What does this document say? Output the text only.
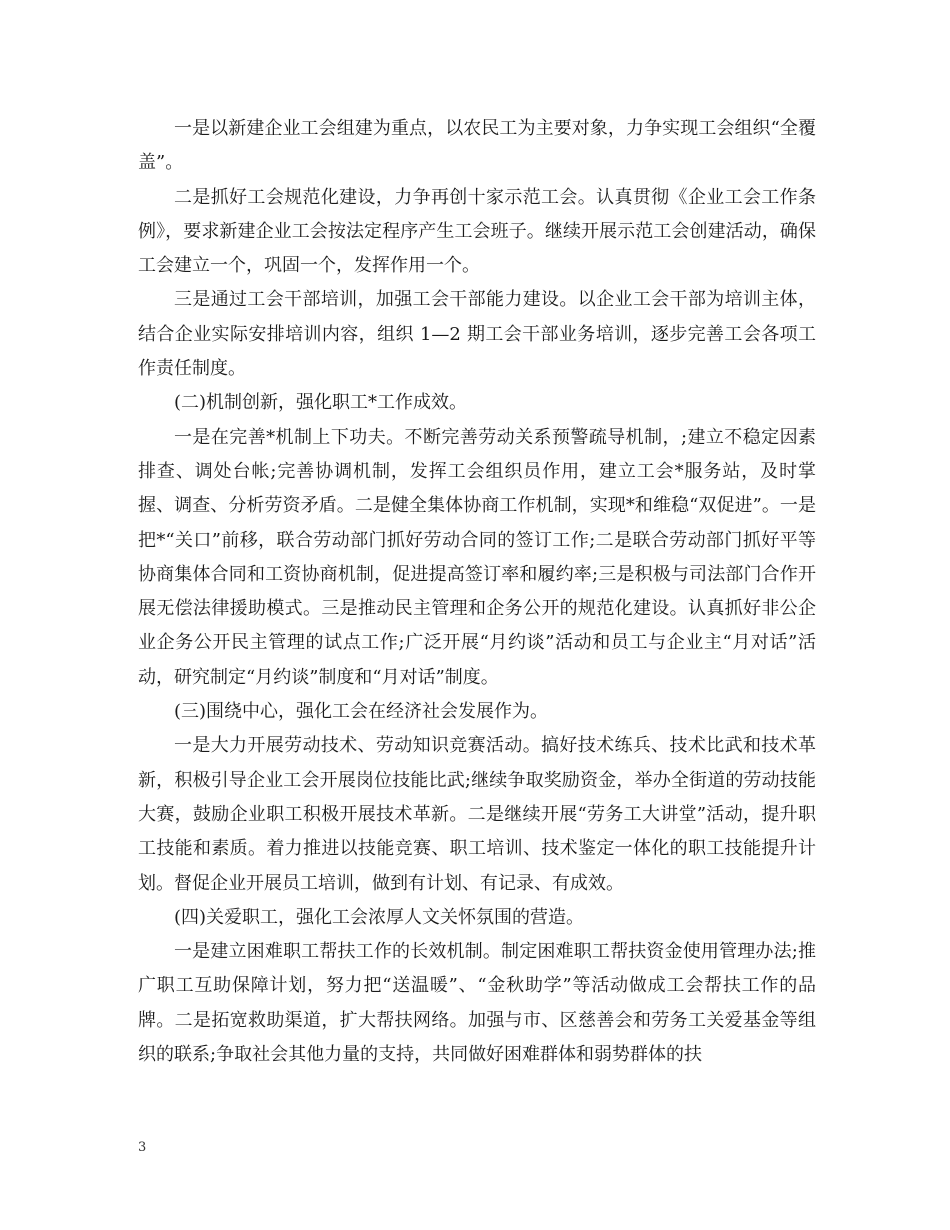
一是以新建企业工会组建为重点，以农民工为主要对象，力争实现工会组织“全覆盖”。

二是抓好工会规范化建设，力争再创十家示范工会。认真贯彻《企业工会工作条例》，要求新建企业工会按法定程序产生工会班子。继续开展示范工会创建活动，确保工会建立一个，巩固一个，发挥作用一个。

三是通过工会干部培训，加强工会干部能力建设。以企业工会干部为培训主体，结合企业实际安排培训内容，组织 1—2 期工会干部业务培训，逐步完善工会各项工作责任制度。

(二)机制创新，强化职工*工作成效。

一是在完善*机制上下功夫。不断完善劳动关系预警疏导机制，;建立不稳定因素排查、调处台帐;完善协调机制，发挥工会组织员作用，建立工会*服务站，及时掌握、调查、分析劳资矛盾。二是健全集体协商工作机制，实现*和维稳“双促进”。一是把*“关口”前移，联合劳动部门抓好劳动合同的签订工作;二是联合劳动部门抓好平等协商集体合同和工资协商机制，促进提高签订率和履约率;三是积极与司法部门合作开展无偿法律援助模式。三是推动民主管理和企务公开的规范化建设。认真抓好非公企业企务公开民主管理的试点工作;广泛开展“月约谈”活动和员工与企业主“月对话”活动，研究制定“月约谈”制度和“月对话”制度。

(三)围绕中心，强化工会在经济社会发展作为。

一是大力开展劳动技术、劳动知识竞赛活动。搞好技术练兵、技术比武和技术革新，积极引导企业工会开展岗位技能比武;继续争取奖励资金，举办全街道的劳动技能大赛，鼓励企业职工积极开展技术革新。二是继续开展“劳务工大讲堂”活动，提升职工技能和素质。着力推进以技能竞赛、职工培训、技术鉴定一体化的职工技能提升计划。督促企业开展员工培训，做到有计划、有记录、有成效。

(四)关爱职工，强化工会浓厚人文关怀氛围的营造。

一是建立困难职工帮扶工作的长效机制。制定困难职工帮扶资金使用管理办法;推广职工互助保障计划，努力把“送温暖”、“金秋助学”等活动做成工会帮扶工作的品牌。二是拓宽救助渠道，扩大帮扶网络。加强与市、区慈善会和劳务工关爱基金等组织的联系;争取社会其他力量的支持，共同做好困难群体和弱势群体的扶

3
